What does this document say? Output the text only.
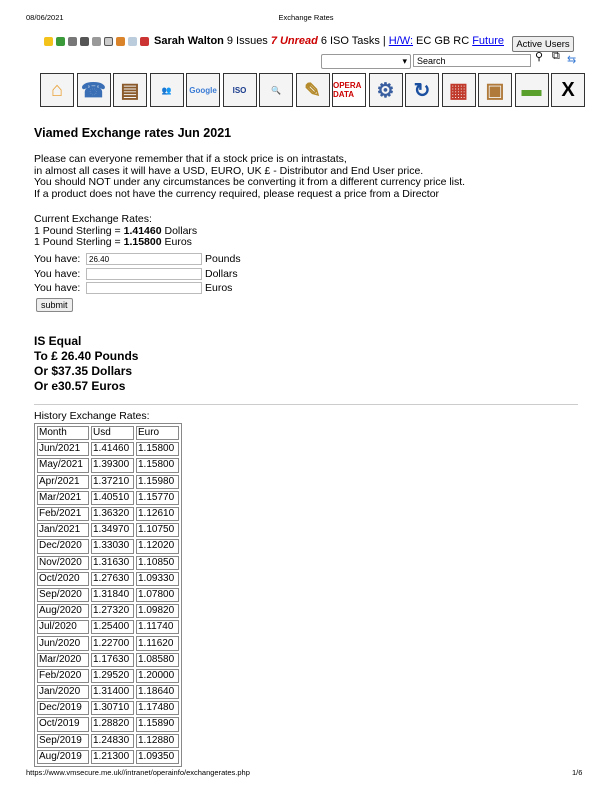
08/06/2021	Exchange Rates
Sarah Walton 9 Issues 7 Unread 6 ISO Tasks | H/W: EC GB RC Future	Active Users
▾	Search	⚲ ⧉ ⇆
⌂ ☎ ▤	👥	Google	ISO	🔍	✎	OPERA DATA	⚙ ↻ ▦ ▣ ▬ X
Viamed Exchange rates Jun 2021
Please can everyone remember that if a stock price is on intrastats,
in almost all cases it will have a USD, EURO, UK £ - Distributor and End User price.
You should NOT under any circumstances be converting it from a different currency price list.
If a product does not have the currency required, please request a price from a Director
Current Exchange Rates:
1 Pound Sterling = 1.41460 Dollars
1 Pound Sterling = 1.15800 Euros
You have:	26.40	Pounds
You have:	Dollars
You have:	Euros
submit
IS Equal
To £ 26.40 Pounds
Or $37.35 Dollars
Or e30.57 Euros
History Exchange Rates:
Month	Usd	Euro
Jun/2021	1.41460	1.15800
May/2021	1.39300	1.15800
Apr/2021	1.37210	1.15980
Mar/2021	1.40510	1.15770
Feb/2021	1.36320	1.12610
Jan/2021	1.34970	1.10750
Dec/2020	1.33030	1.12020
Nov/2020	1.31630	1.10850
Oct/2020	1.27630	1.09330
Sep/2020	1.31840	1.07800
Aug/2020	1.27320	1.09820
Jul/2020	1.25400	1.11740
Jun/2020	1.22700	1.11620
Mar/2020	1.17630	1.08580
Feb/2020	1.29520	1.20000
Jan/2020	1.31400	1.18640
Dec/2019	1.30710	1.17480
Oct/2019	1.28820	1.15890
Sep/2019	1.24830	1.12880
Aug/2019	1.21300	1.09350
https://www.vmsecure.me.uk//intranet/operainfo/exchangerates.php	1/6
